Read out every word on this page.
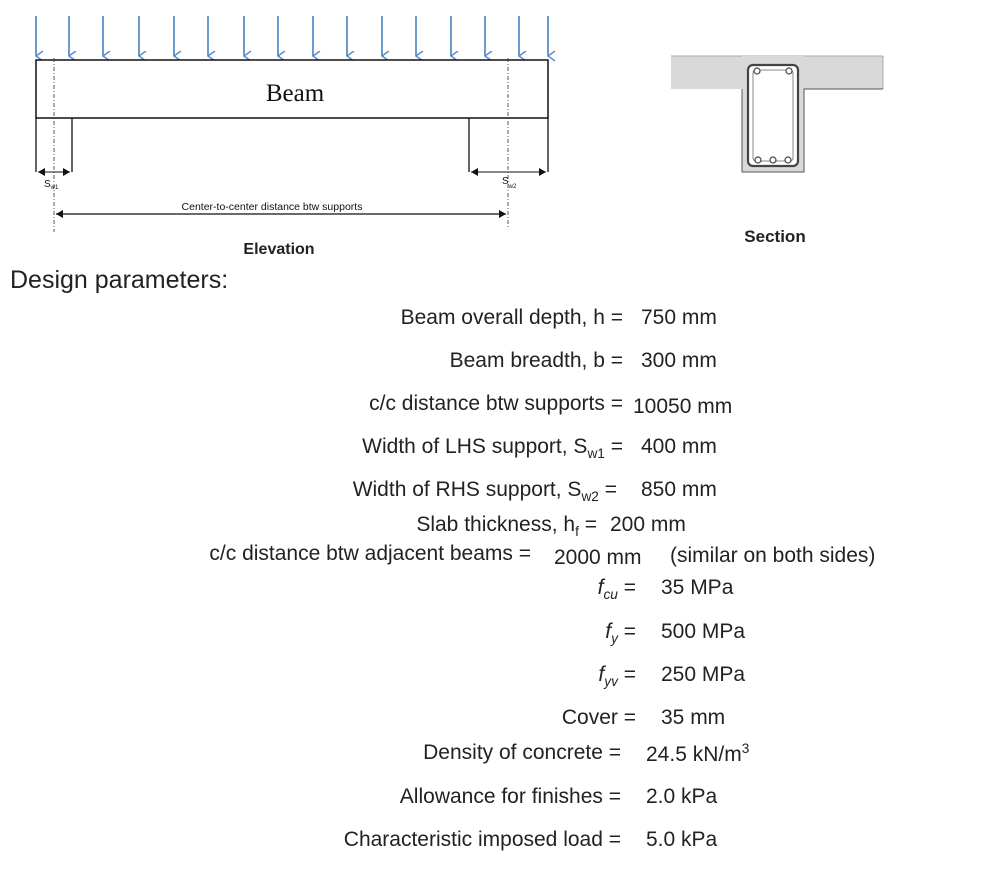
Beam
$S_{w1}$
$S_{w2}$
Center-to-center distance btw supports
Elevation
Section
Design parameters:
Beam overall depth, h = 750 mm
Beam breadth, b = 300 mm
c/c distance btw supports = 10050 mm
Width of LHS support, $S_{w1} = 400$ mm
Width of RHS support, $S_{w2} = 850$ mm
Slab thickness, $h_f = 200$ mm
c/c distance btw adjacent beams = 2000 mm (similar on both sides)
$f_{cu} = 35$ MPa
$f_y = 500$ MPa
$f_{yv} = 250$ MPa
Cover = 35 mm
Density of concrete = 24.5 $kN/m^3$
Allowance for finishes = 2.0 kPa
Characteristic imposed load = 5.0 kPa
